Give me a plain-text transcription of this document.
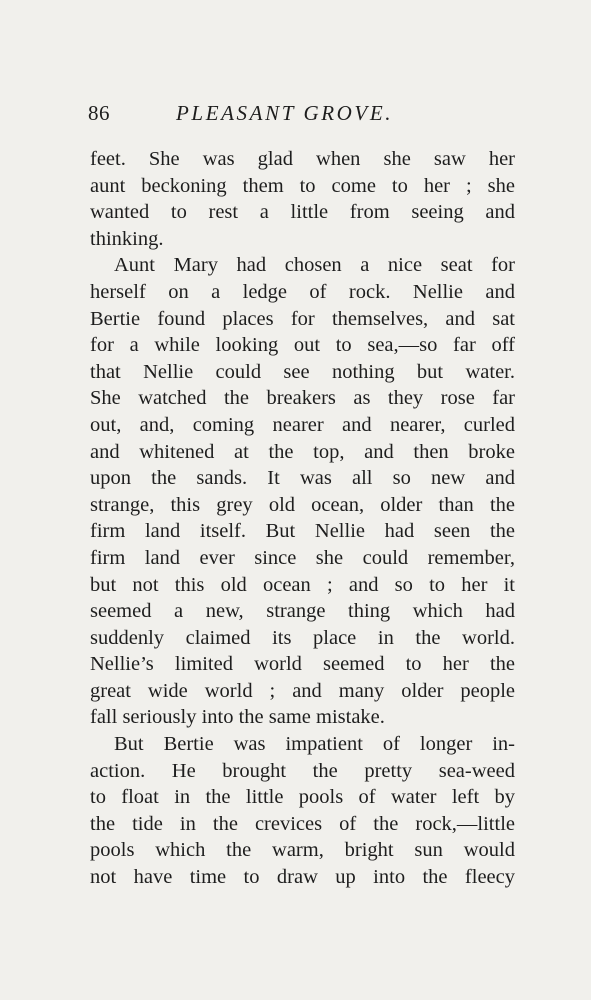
86	PLEASANT GROVE.
feet. She was glad when she saw her
aunt beckoning them to come to her ; she
wanted to rest a little from seeing and
thinking.
Aunt Mary had chosen a nice seat for
herself on a ledge of rock. Nellie and
Bertie found places for themselves, and sat
for a while looking out to sea,—so far off
that Nellie could see nothing but water.
She watched the breakers as they rose far
out, and, coming nearer and nearer, curled
and whitened at the top, and then broke
upon the sands. It was all so new and
strange, this grey old ocean, older than the
firm land itself. But Nellie had seen the
firm land ever since she could remember,
but not this old ocean ; and so to her it
seemed a new, strange thing which had
suddenly claimed its place in the world.
Nellie’s limited world seemed to her the
great wide world ; and many older people
fall seriously into the same mistake.
But Bertie was impatient of longer in-
action. He brought the pretty sea-weed
to float in the little pools of water left by
the tide in the crevices of the rock,—little
pools which the warm, bright sun would
not have time to draw up into the fleecy
